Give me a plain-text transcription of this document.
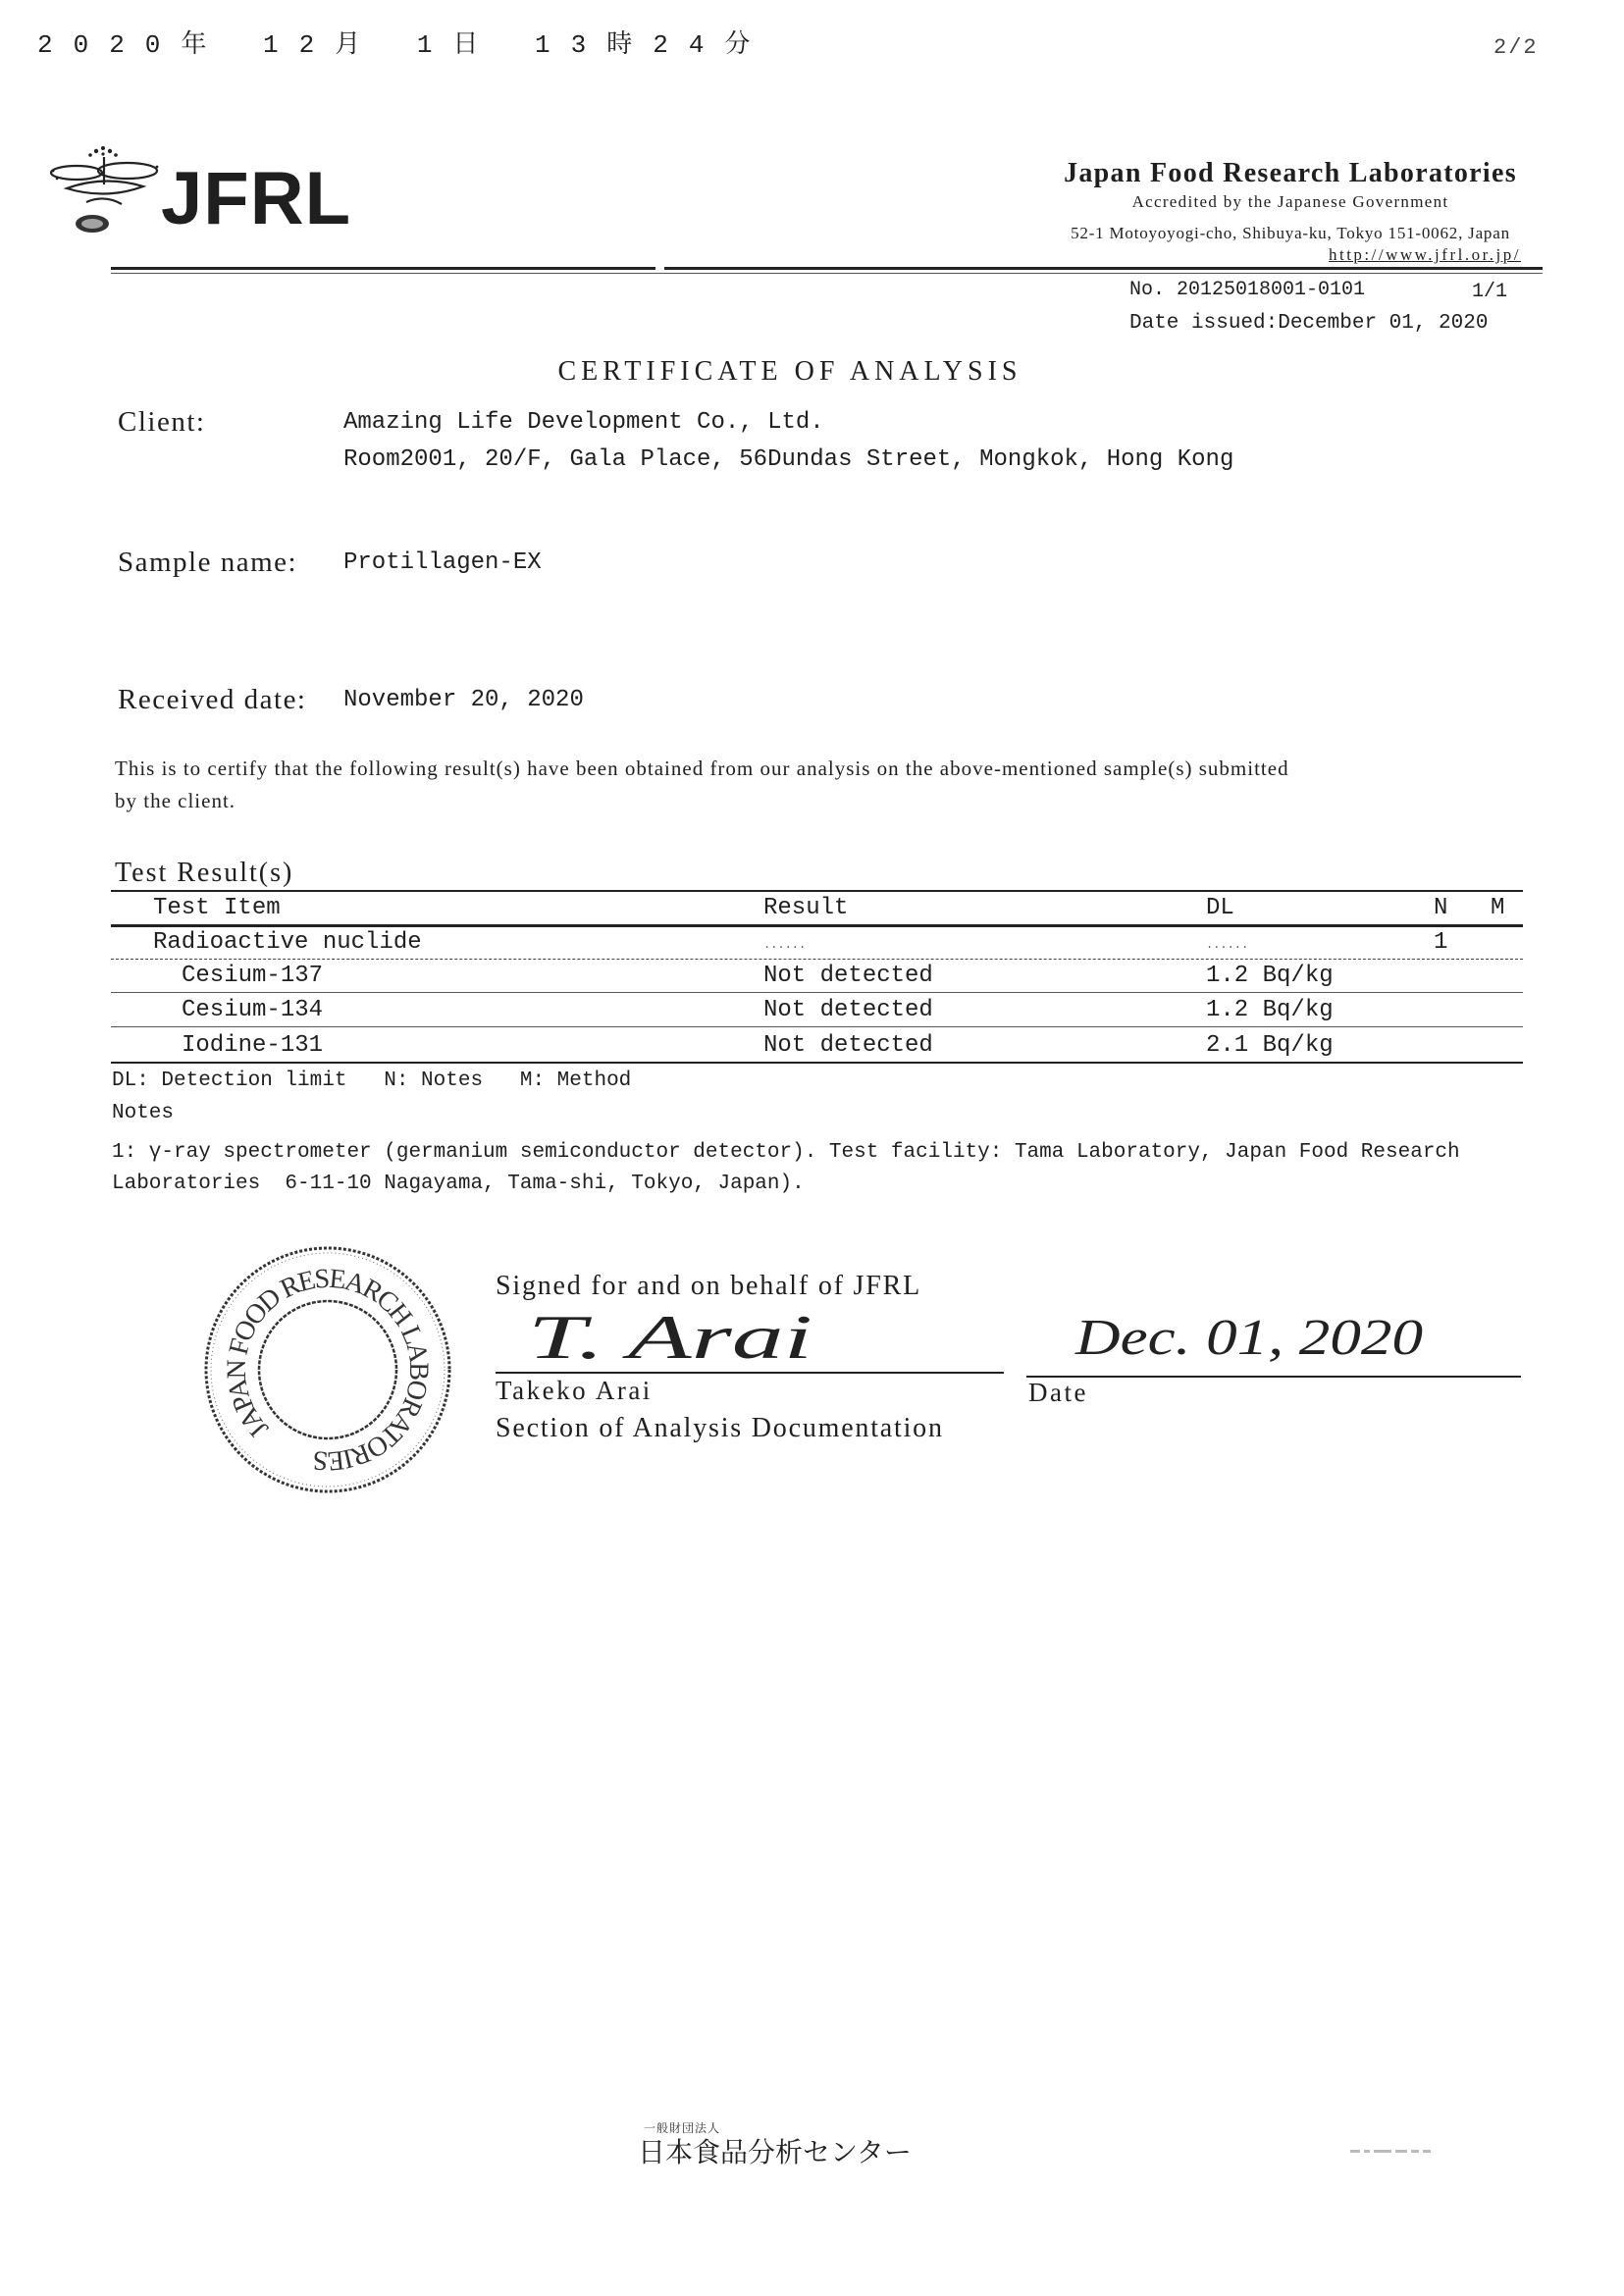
2020年 12月 1日 13時24分	2/2
JFRL	Japan Food Research Laboratories
Accredited by the Japanese Government
52-1 Motoyoyogi-cho, Shibuya-ku, Tokyo 151-0062, Japan
http://www.jfrl.or.jp/
No. 20125018001-0101	1/1
Date issued:December 01, 2020
CERTIFICATE OF ANALYSIS
Client:	Amazing Life Development Co., Ltd.
Room2001, 20/F, Gala Place, 56Dundas Street, Mongkok, Hong Kong
Sample name: Protillagen-EX
Received date: November 20, 2020
This is to certify that the following result(s) have been obtained from our analysis on the above-mentioned sample(s) submitted
by the client.
Test Result(s)
Test Item	Result	DL	N M
Radioactive nuclide	......	......	1
Cesium-137	Not detected	1.2 Bq/kg
Cesium-134	Not detected	1.2 Bq/kg
Iodine-131	Not detected	2.1 Bq/kg
DL: Detection limit   N: Notes   M: Method
Notes
1: γ-ray spectrometer (germanium semiconductor detector). Test facility: Tama Laboratory, Japan Food Research
Laboratories  6-11-10 Nagayama, Tama-shi, Tokyo, Japan).
JAPAN FOOD RESEARCH LABORATORIES
Signed for and on behalf of JFRL
T. Arai	Dec. 01, 2020
Takeko Arai	Date
Section of Analysis Documentation
一般財団法人
日本食品分析センター
